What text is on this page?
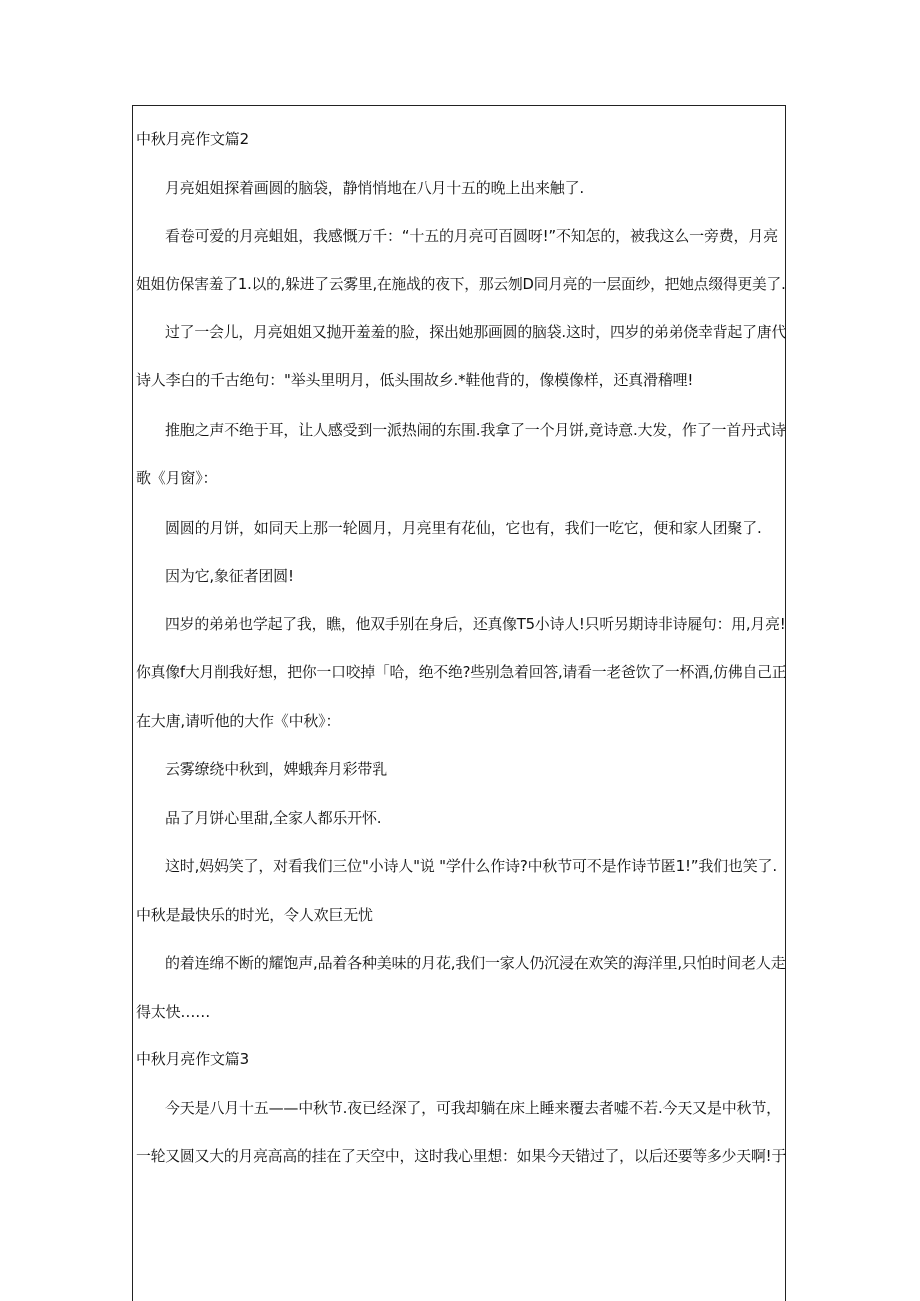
中秋月亮作文篇2
月亮姐姐探着画圆的脑袋，静悄悄地在八月十五的晚上出来触了.
看卷可爱的月亮蛆姐，我感慨万千：“十五的月亮可百圆呀!”不知怎的，被我这么一旁费，月亮
姐姐仿保害羞了1.以的,躲进了云雾里,在施战的夜下，那云刎D同月亮的一层面纱，把她点缀得更美了.
过了一会儿，月亮姐姐又抛开羞羞的脸，探出她那画圆的脑袋.这时，四岁的弟弟侥幸背起了唐代
诗人李白的千古绝句："举头里明月，低头围故乡.*鞋他背的，像模像样，还真滑稽哩!
推胞之声不绝于耳，让人感受到一派热闹的东围.我拿了一个月饼,竟诗意.大发，作了一首丹式诗
歌《月窗》：
圆圆的月饼，如同天上那一轮圆月，月亮里有花仙，它也有，我们一吃它，便和家人团聚了.
因为它,象征者团圆!
四岁的弟弟也学起了我，瞧，他双手别在身后，还真像T5小诗人!只听另期诗非诗屣句：用,月亮!
你真像f大月削我好想，把你一口咬掉「哈，绝不绝?些别急着回答,请看一老爸饮了一杯酒,仿佛自己正
在大唐,请听他的大作《中秋》：
云雾缭绕中秋到，婢蛾奔月彩带乳
品了月饼心里甜,全家人都乐开怀.
这时,妈妈笑了，对看我们三位"小诗人"说 "学什么作诗?中秋节可不是作诗节匿1!”我们也笑了.
中秋是最快乐的时光，令人欢巨无忧
的着连绵不断的耀饱声,品着各种美味的月花,我们一家人仍沉浸在欢笑的海洋里,只怕时间老人走
得太快……
中秋月亮作文篇3
今天是八月十五——中秋节.夜已经深了，可我却躺在床上睡来覆去者嘘不若.今天又是中秋节，
一轮又圆又大的月亮高高的挂在了天空中，这时我心里想：如果今天错过了，以后还要等多少天啊!于
